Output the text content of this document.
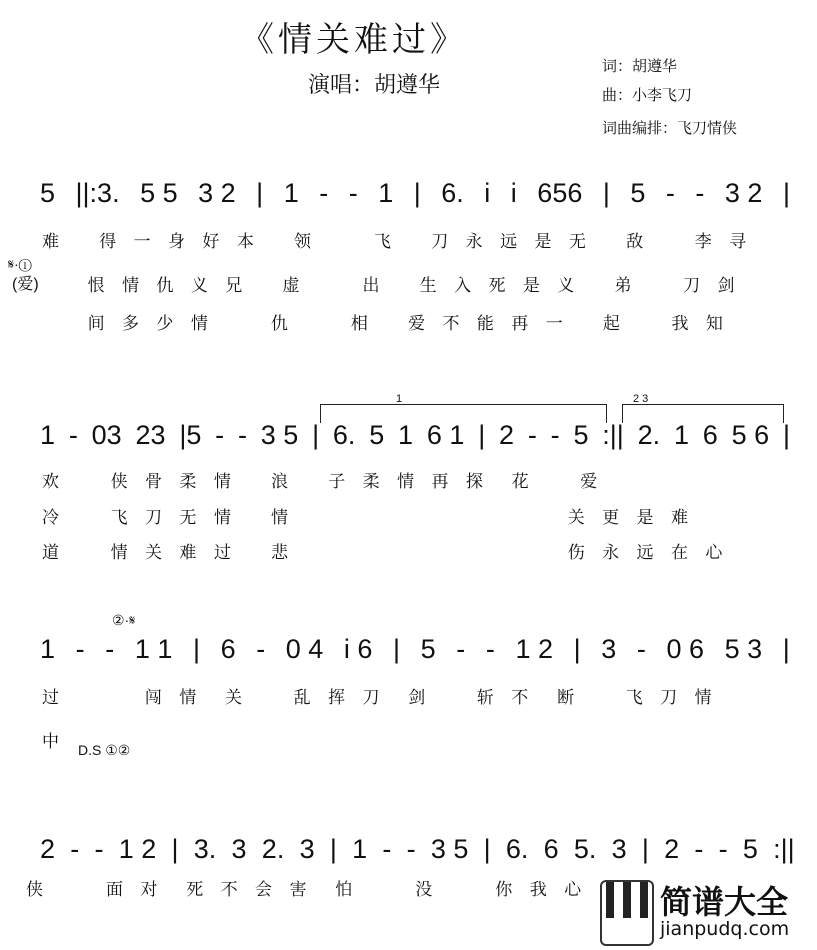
《情关难过》
演唱：胡遵华
词：胡遵华
曲：小李飞刀
词曲编排：飞刀情侠
5 ||:3. 5 5 3 2 | 1 - - 1 | 6. i i 656 | 5 - - 3 2 |
难   得 一 身 好 本   领     飞   刀 永 远 是 无   敌    李 寻
恨 情 仇 义 兄   虚     出   生 入 死 是 义   弟    刀 剑
间 多 少 情     仇     相   爱 不 能 再 一   起    我 知
𝄋·①
(爱)
1	2 3
1 - 03 23 |5 - - 3 5 | 6. 5 1 6 1 | 2 - - 5 :|| 2. 1 6 5 6 |
欢    侠 骨 柔 情   浪   子 柔 情 再 探  花    爱
冷    飞 刀 无 情   情                        关 更 是 难
道    情 关 难 过   悲                        伤 永 远 在 心
②·𝄋
1 - - 1 1 | 6 - 0 4 i 6 | 5 - - 1 2 | 3 - 0 6 5 3 |
过       闯 情  关    乱 挥 刀  剑    斩 不  断    飞 刀 情
中 D.S ①②
2 - - 1 2 | 3. 3 2. 3 | 1 - - 3 5 | 6. 6 5. 3 | 2 - - 5 :||
侠     面 对  死 不 会 害  怕     没     你 我 心 简谱大全
jianpudq.com
